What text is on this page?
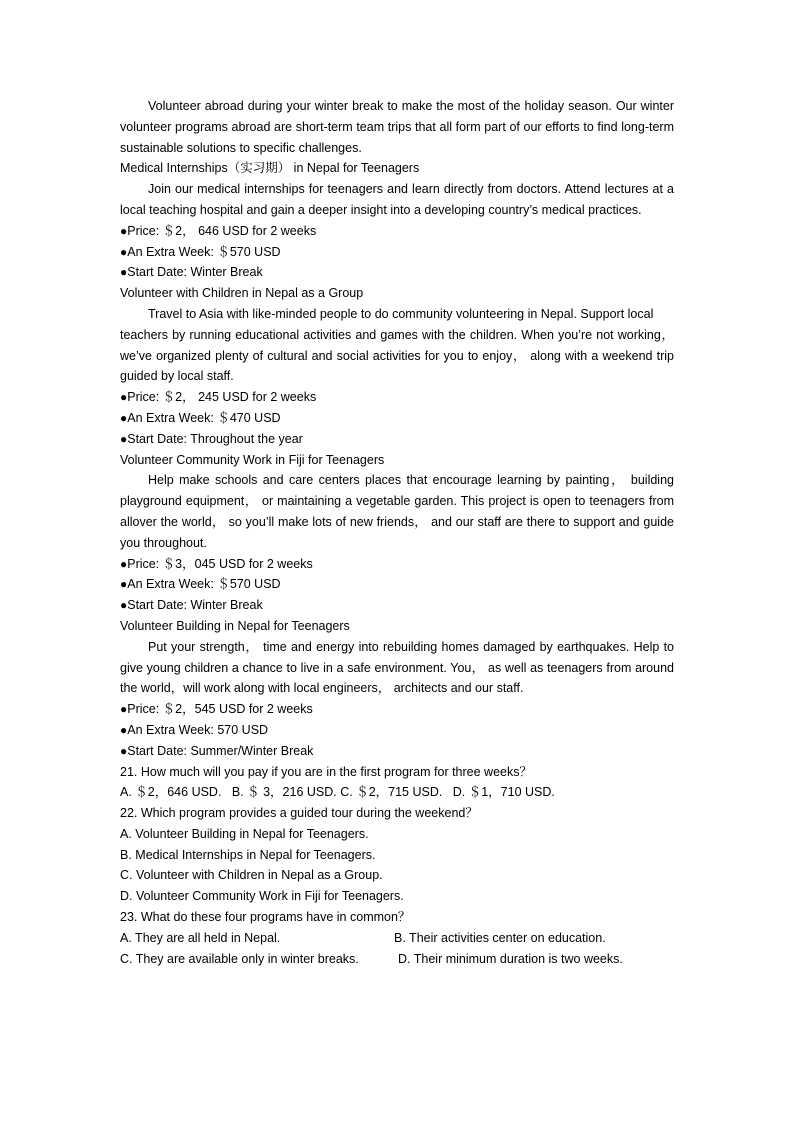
Volunteer abroad during your winter break to make the most of the holiday season. Our winter volunteer programs abroad are short-term team trips that all form part of our efforts to find long-term sustainable solutions to specific challenges.
Medical Internships（实习期） in Nepal for Teenagers
Join our medical internships for teenagers and learn directly from doctors. Attend lectures at a local teaching hospital and gain a deeper insight into a developing country’s medical practices.
● Price: ＄2， 646 USD for 2 weeks
● An Extra Week: ＄570 USD
● Start Date: Winter Break
Volunteer with Children in Nepal as a Group
Travel to Asia with like-minded people to do community volunteering in Nepal. Support local
teachers by running educational activities and games with the children. When you’re not working， we’ve organized plenty of cultural and social activities for you to enjoy， along with a weekend trip guided by local staff.
● Price: ＄2， 245 USD for 2 weeks
● An Extra Week: ＄470 USD
● Start Date: Throughout the year
Volunteer Community Work in Fiji for Teenagers
Help make schools and care centers places that encourage learning by painting， building playground equipment， or maintaining a vegetable garden. This project is open to teenagers from allover the world， so you’ll make lots of new friends， and our staff are there to support and guide you throughout.
● Price: ＄3，045 USD for 2 weeks
● An Extra Week: ＄570 USD
● Start Date: Winter Break
Volunteer Building in Nepal for Teenagers
Put your strength， time and energy into rebuilding homes damaged by earthquakes. Help to give young children a chance to live in a safe environment. You， as well as teenagers from around the world，will work along with local engineers， architects and our staff.
● Price: ＄2，545 USD for 2 weeks
● An Extra Week: 570 USD
● Start Date: Summer/Winter Break
21. How much will you pay if you are in the first program for three weeks？
A. ＄2，646 USD.   B. ＄ 3，216 USD. C. ＄2，715 USD.   D. ＄1，710 USD.
22. Which program provides a guided tour during the weekend？
A. Volunteer Building in Nepal for Teenagers.
B. Medical Internships in Nepal for Teenagers.
C. Volunteer with Children in Nepal as a Group.
D. Volunteer Community Work in Fiji for Teenagers.
23. What do these four programs have in common？
A. They are all held in Nepal.	B. Their activities center on education.
C. They are available only in winter breaks.	D. Their minimum duration is two weeks.
